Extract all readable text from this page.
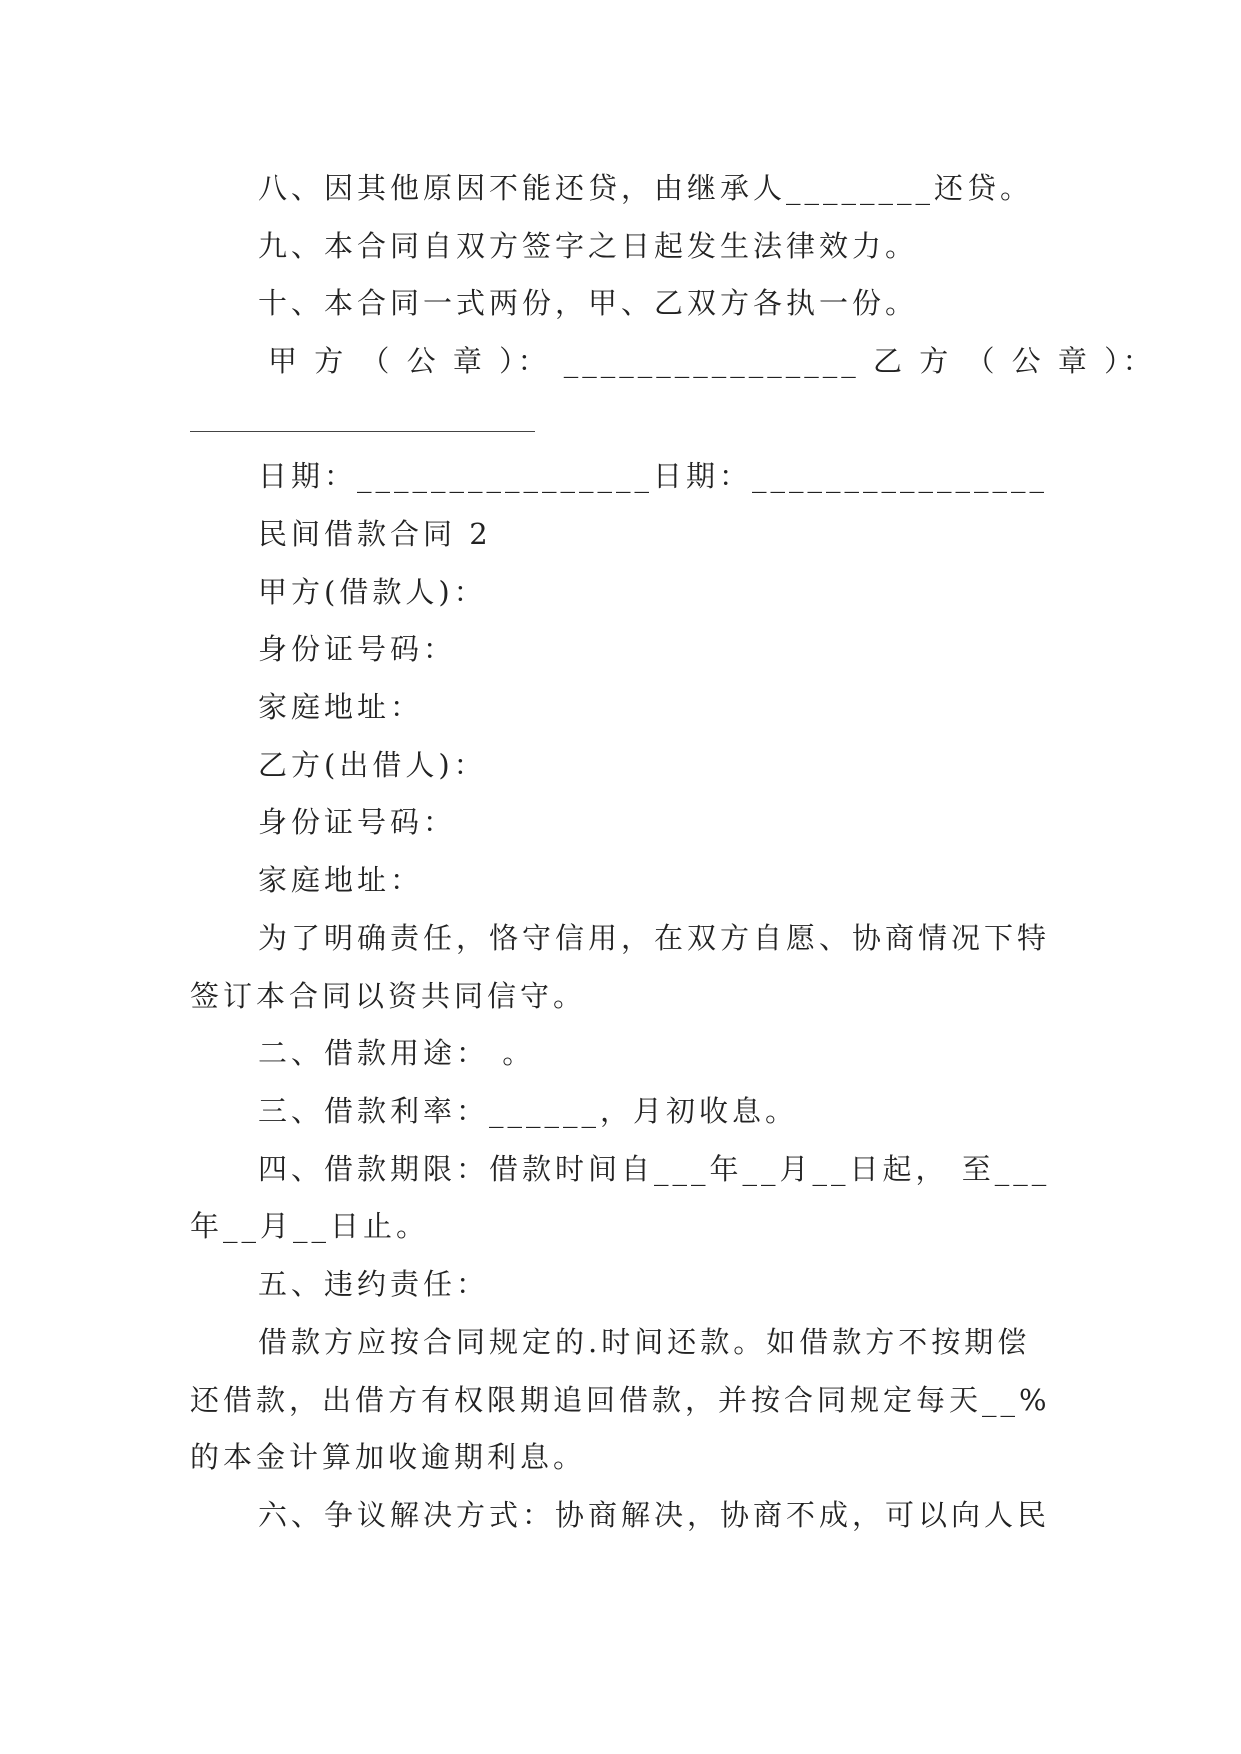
八、因其他原因不能还贷，由继承人________还贷。
九、本合同自双方签字之日起发生法律效力。
十、本合同一式两份，甲、乙双方各执一份。
甲 方 （ 公 章 ）： ________________ 乙 方 （ 公 章 ）：
日期：________________日期：________________
民间借款合同 2
甲方(借款人)：
身份证号码：
家庭地址：
乙方(出借人)：
身份证号码：
家庭地址：
为了明确责任，恪守信用，在双方自愿、协商情况下特
签订本合同以资共同信守。
二、借款用途： 。
三、借款利率：______，月初收息。
四、借款期限：借款时间自___年__月__日起， 至___
年__月__日止。
五、违约责任：
借款方应按合同规定的.时间还款。如借款方不按期偿
还借款，出借方有权限期追回借款，并按合同规定每天__%
的本金计算加收逾期利息。
六、争议解决方式：协商解决，协商不成，可以向人民
